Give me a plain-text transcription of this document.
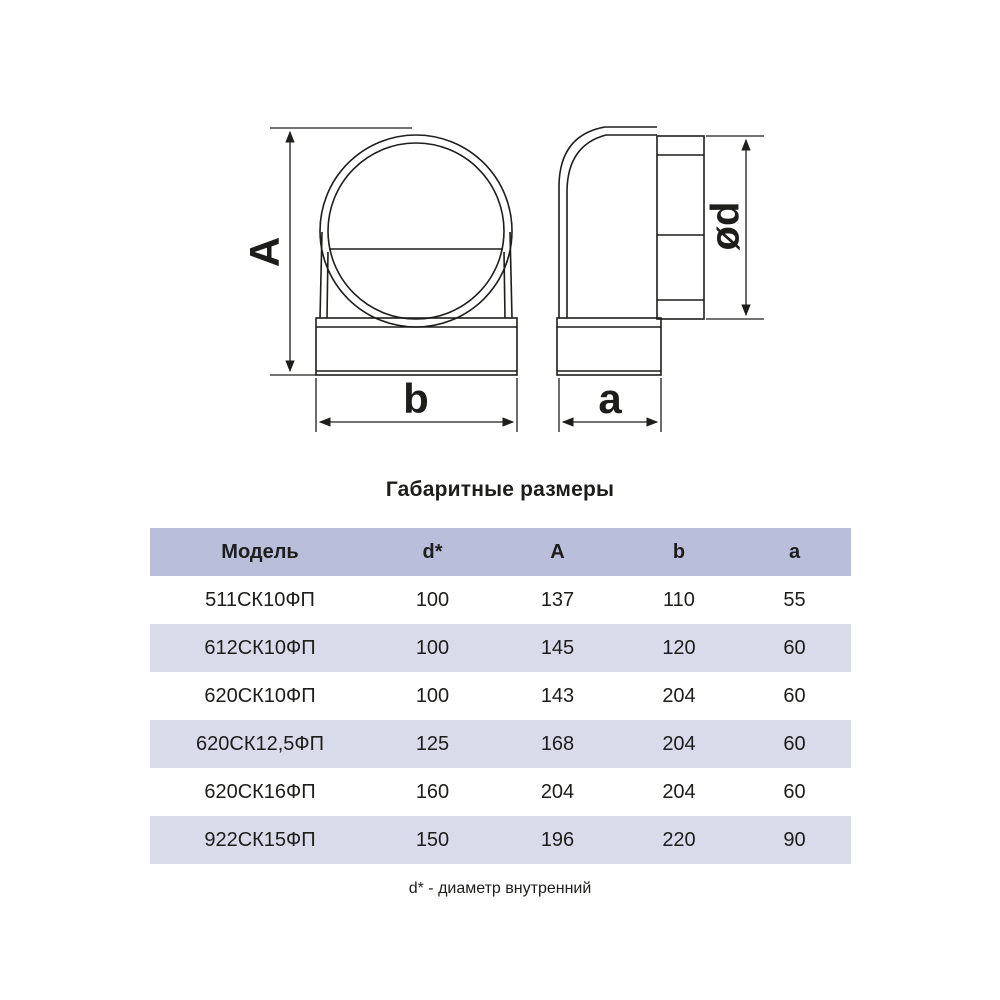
A
b	a
ød
Габаритные размеры
Модель	d*	A	b	a
511СК10ФП	100	137	110	55
612СК10ФП	100	145	120	60
620СК10ФП	100	143	204	60
620СК12,5ФП	125	168	204	60
620СК16ФП	160	204	204	60
922СК15ФП	150	196	220	90
d* - диаметр внутренний
